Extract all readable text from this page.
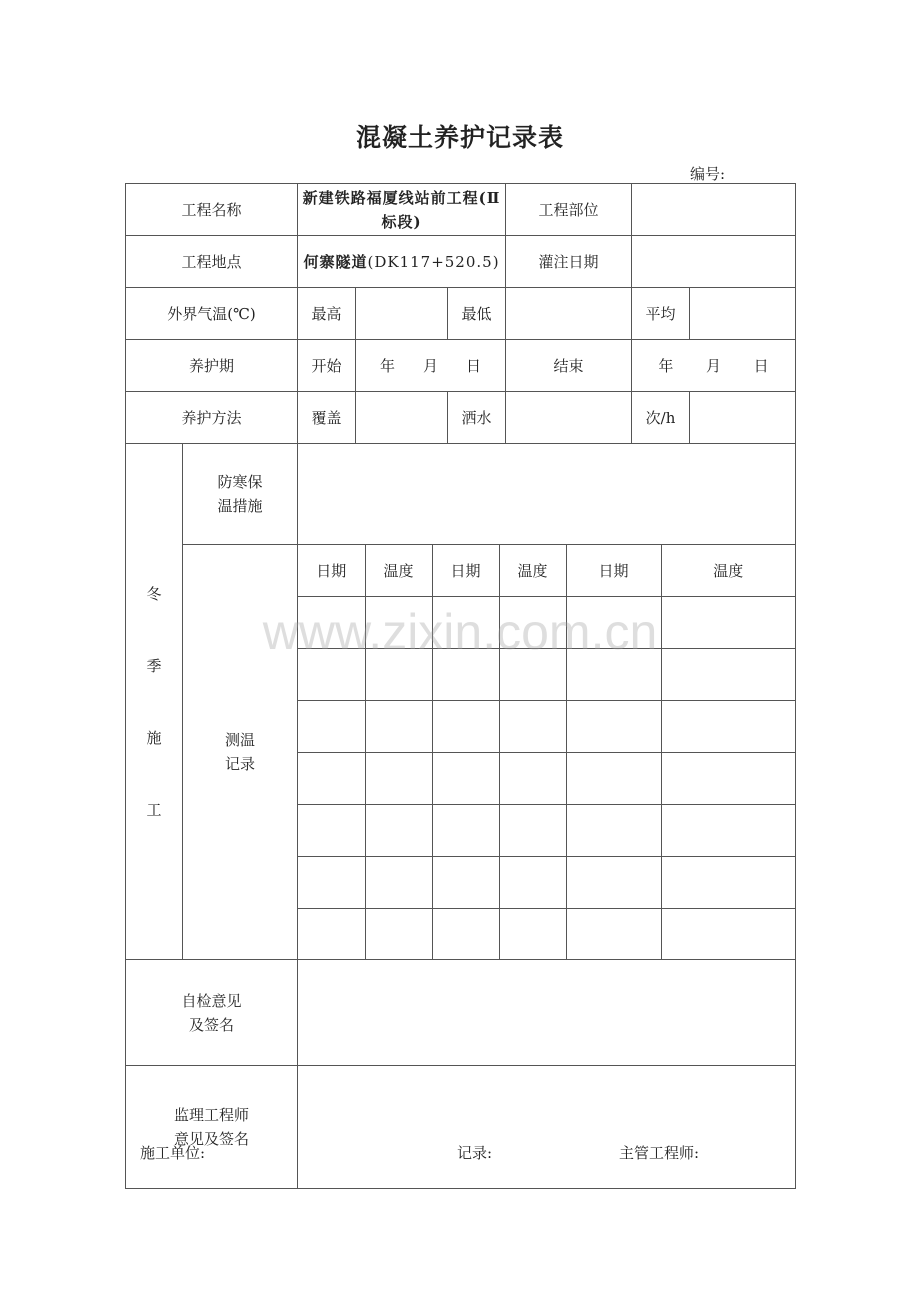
混凝土养护记录表
编号:
工程名称	新建铁路福厦线站前工程(Ⅱ标段)	工程部位	
工程地点	何寨隧道(DK117+520.5)	灌注日期	
外界气温(℃)	最高		最低		平均	
养护期	开始	年 月 日	结束	年 月 日

养护方法	覆盖		洒水		次/h	

冬
季
施
工

防寒保
温措施

测温
记录

日期	温度	日期	温度	日期	温度

自检意见
及签名

监理工程师
意见及签名

www.zixin.com.cn
施工单位:	记录:	主管工程师:
